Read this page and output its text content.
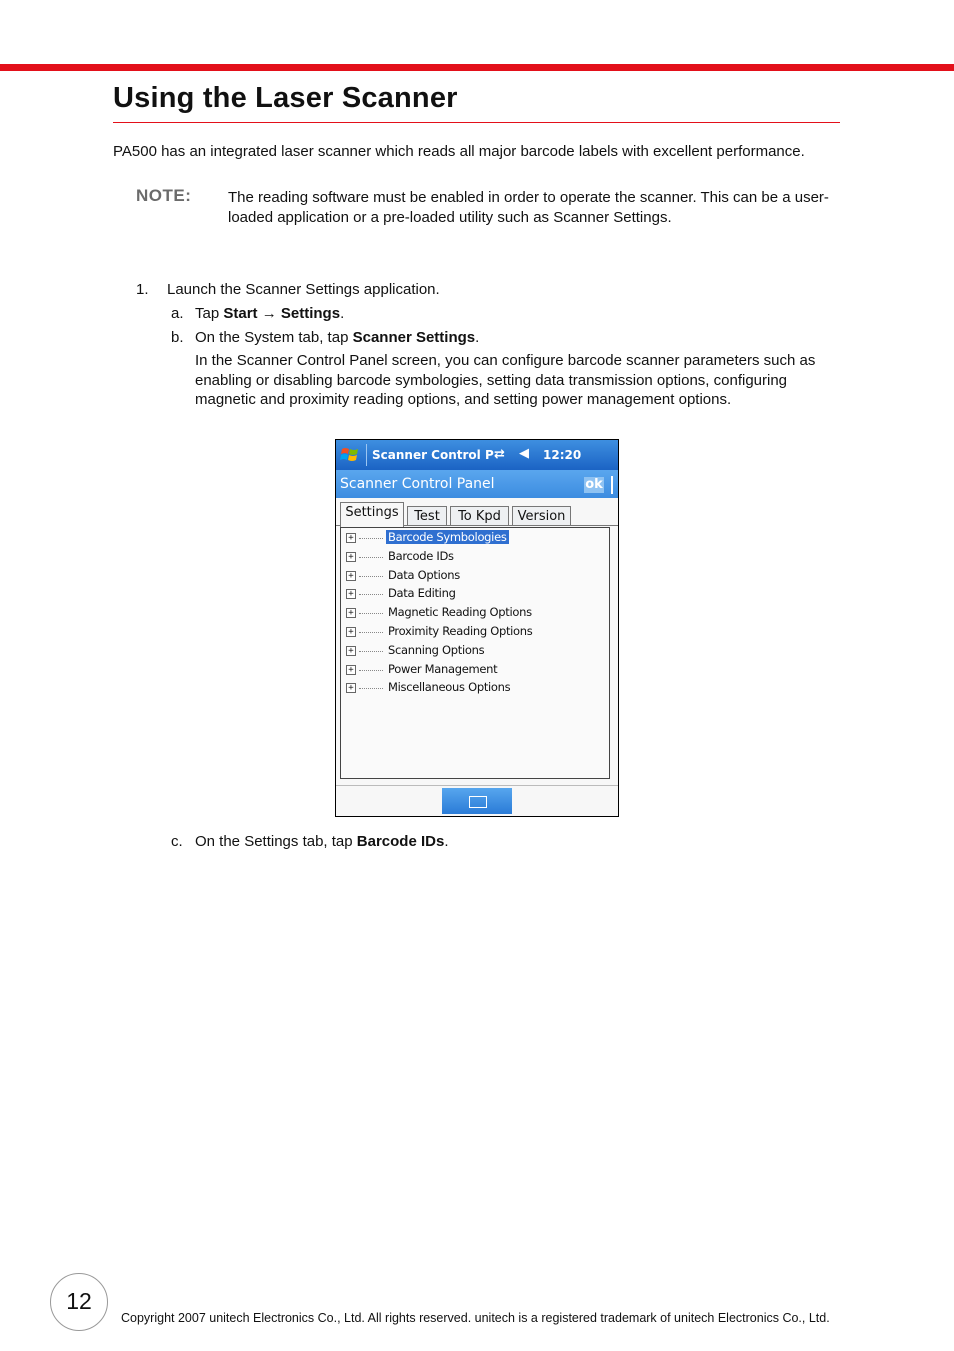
Using the Laser Scanner

PA500 has an integrated laser scanner which reads all major barcode labels with excellent performance.

NOTE: The reading software must be enabled in order to operate the scanner. This can be a user-loaded application or a pre-loaded utility such as Scanner Settings.

1. Launch the Scanner Settings application.
a. Tap Start → Settings.
b. On the System tab, tap Scanner Settings.

In the Scanner Control Panel screen, you can configure barcode scanner parameters such as enabling or disabling barcode symbologies, setting data transmission options, configuring magnetic and proximity reading options, and setting power management options.

Scanner Control P ⇄ ◀ 12:20
Scanner Control Panel	ok
Settings	Test	To Kpd	Version
+	Barcode Symbologies
+	Barcode IDs
+	Data Options
+	Data Editing
+	Magnetic Reading Options
+	Proximity Reading Options
+	Scanning Options
+	Power Management
+	Miscellaneous Options
c. On the Settings tab, tap Barcode IDs.
12
Copyright 2007 unitech Electronics Co., Ltd. All rights reserved. unitech is a registered trademark of unitech Electronics Co., Ltd.
